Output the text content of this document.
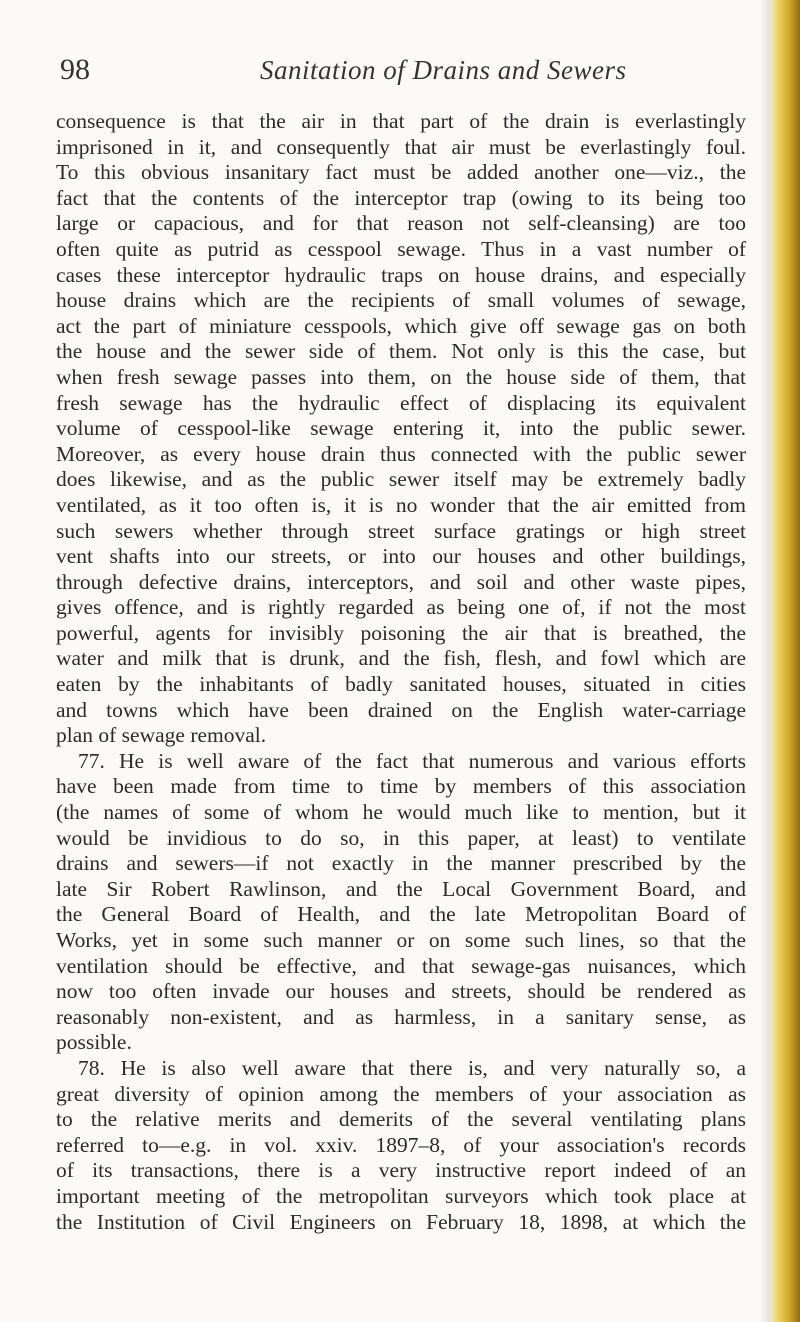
98	Sanitation of Drains and Sewers
consequence is that the air in that part of the drain is everlastingly
imprisoned in it, and consequently that air must be everlastingly foul.
To this obvious insanitary fact must be added another one—viz., the
fact that the contents of the interceptor trap (owing to its being too
large or capacious, and for that reason not self-cleansing) are too
often quite as putrid as cesspool sewage. Thus in a vast number of
cases these interceptor hydraulic traps on house drains, and especially
house drains which are the recipients of small volumes of sewage,
act the part of miniature cesspools, which give off sewage gas on both
the house and the sewer side of them. Not only is this the case, but
when fresh sewage passes into them, on the house side of them, that
fresh sewage has the hydraulic effect of displacing its equivalent
volume of cesspool-like sewage entering it, into the public sewer.
Moreover, as every house drain thus connected with the public sewer
does likewise, and as the public sewer itself may be extremely badly
ventilated, as it too often is, it is no wonder that the air emitted from
such sewers whether through street surface gratings or high street
vent shafts into our streets, or into our houses and other buildings,
through defective drains, interceptors, and soil and other waste pipes,
gives offence, and is rightly regarded as being one of, if not the most
powerful, agents for invisibly poisoning the air that is breathed, the
water and milk that is drunk, and the fish, flesh, and fowl which are
eaten by the inhabitants of badly sanitated houses, situated in cities
and towns which have been drained on the English water-carriage
plan of sewage removal.
77. He is well aware of the fact that numerous and various efforts
have been made from time to time by members of this association
(the names of some of whom he would much like to mention, but it
would be invidious to do so, in this paper, at least) to ventilate
drains and sewers—if not exactly in the manner prescribed by the
late Sir Robert Rawlinson, and the Local Government Board, and
the General Board of Health, and the late Metropolitan Board of
Works, yet in some such manner or on some such lines, so that the
ventilation should be effective, and that sewage-gas nuisances, which
now too often invade our houses and streets, should be rendered as
reasonably non-existent, and as harmless, in a sanitary sense, as
possible.
78. He is also well aware that there is, and very naturally so, a
great diversity of opinion among the members of your association as
to the relative merits and demerits of the several ventilating plans
referred to—e.g. in vol. xxiv. 1897–8, of your association's records
of its transactions, there is a very instructive report indeed of an
important meeting of the metropolitan surveyors which took place at
the Institution of Civil Engineers on February 18, 1898, at which the
